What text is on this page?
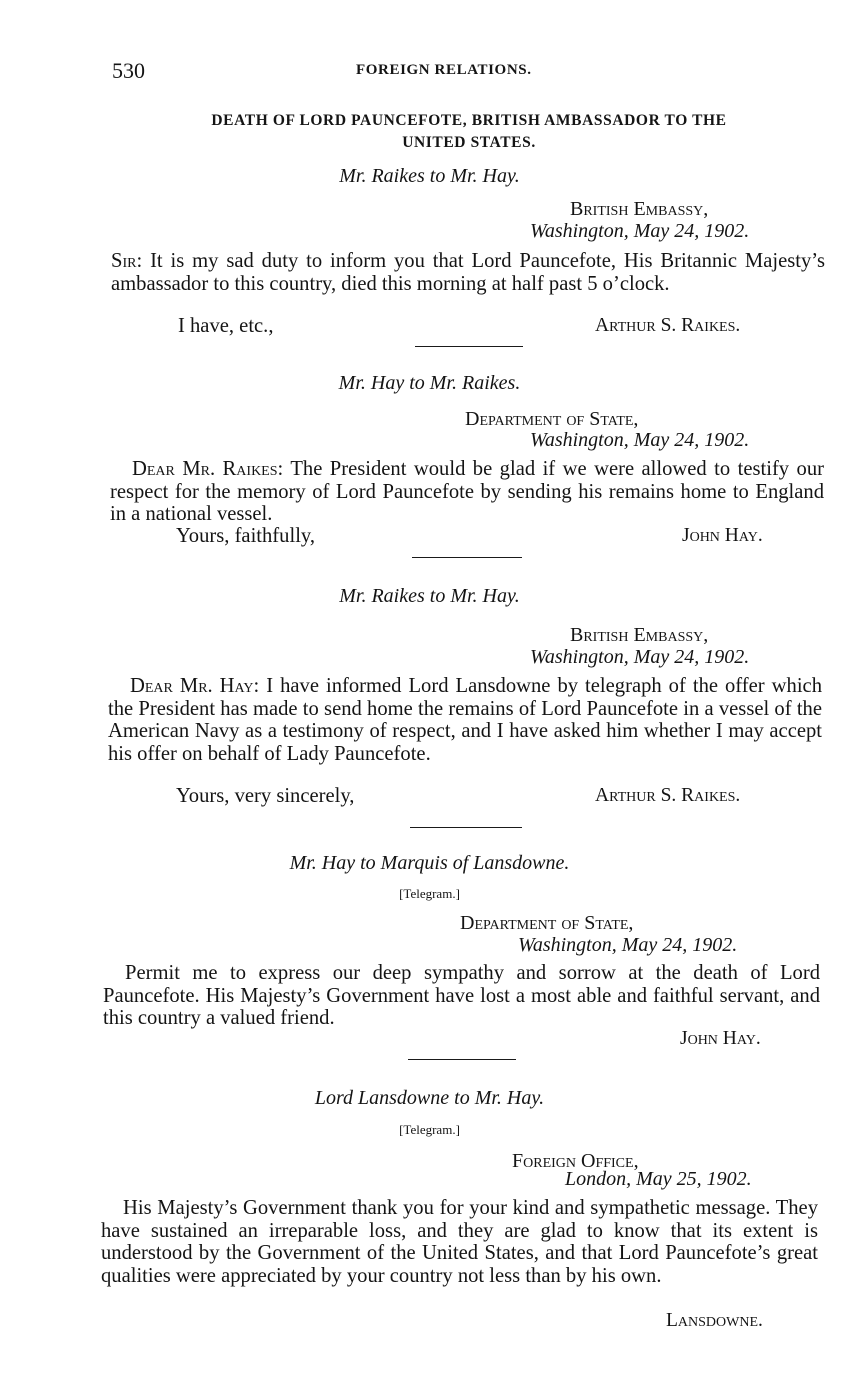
530	FOREIGN RELATIONS.
DEATH OF LORD PAUNCEFOTE, BRITISH AMBASSADOR TO THE
UNITED STATES.
Mr. Raikes to Mr. Hay.
British Embassy,
Washington, May 24, 1902.
Sir: It is my sad duty to inform you that Lord Pauncefote, His Britannic Majesty’s ambassador to this country, died this morning at half past 5 o’clock.
I have, etc.,	Arthur S. Raikes.
Mr. Hay to Mr. Raikes.
Department of State,
Washington, May 24, 1902.
Dear Mr. Raikes: The President would be glad if we were allowed to testify our respect for the memory of Lord Pauncefote by sending his remains home to England in a national vessel.
Yours, faithfully,	John Hay.
Mr. Raikes to Mr. Hay.
British Embassy,
Washington, May 24, 1902.
Dear Mr. Hay: I have informed Lord Lansdowne by telegraph of the offer which the President has made to send home the remains of Lord Pauncefote in a vessel of the American Navy as a testimony of respect, and I have asked him whether I may accept his offer on behalf of Lady Pauncefote.
Yours, very sincerely,	Arthur S. Raikes.
Mr. Hay to Marquis of Lansdowne.
[Telegram.]
Department of State,
Washington, May 24, 1902.
Permit me to express our deep sympathy and sorrow at the death of Lord Pauncefote. His Majesty’s Government have lost a most able and faithful servant, and this country a valued friend.
John Hay.
Lord Lansdowne to Mr. Hay.
[Telegram.]
Foreign Office,
London, May 25, 1902.
His Majesty’s Government thank you for your kind and sympathetic message. They have sustained an irreparable loss, and they are glad to know that its extent is understood by the Government of the United States, and that Lord Pauncefote’s great qualities were appreciated by your country not less than by his own.
Lansdowne.
